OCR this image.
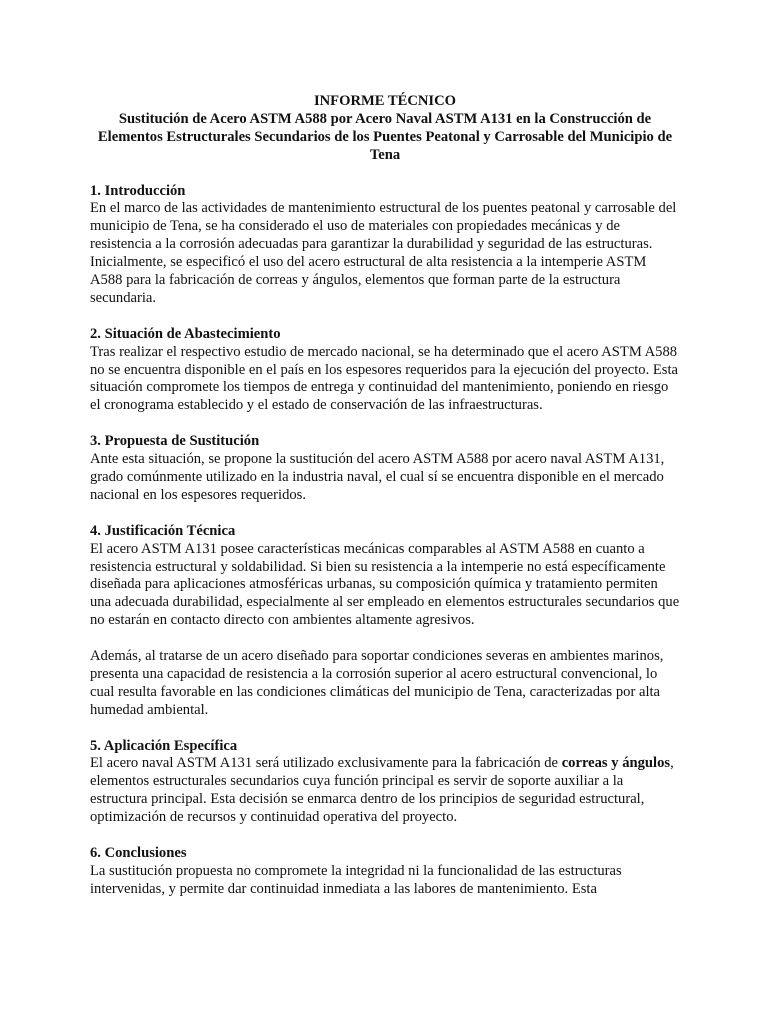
INFORME TÉCNICO
Sustitución de Acero ASTM A588 por Acero Naval ASTM A131 en la Construcción de Elementos Estructurales Secundarios de los Puentes Peatonal y Carrosable del Municipio de Tena
1. Introducción

En el marco de las actividades de mantenimiento estructural de los puentes peatonal y carrosable del municipio de Tena, se ha considerado el uso de materiales con propiedades mecánicas y de resistencia a la corrosión adecuadas para garantizar la durabilidad y seguridad de las estructuras. Inicialmente, se especificó el uso del acero estructural de alta resistencia a la intemperie ASTM A588 para la fabricación de correas y ángulos, elementos que forman parte de la estructura secundaria.

2. Situación de Abastecimiento

Tras realizar el respectivo estudio de mercado nacional, se ha determinado que el acero ASTM A588 no se encuentra disponible en el país en los espesores requeridos para la ejecución del proyecto. Esta situación compromete los tiempos de entrega y continuidad del mantenimiento, poniendo en riesgo el cronograma establecido y el estado de conservación de las infraestructuras.

3. Propuesta de Sustitución

Ante esta situación, se propone la sustitución del acero ASTM A588 por acero naval ASTM A131, grado comúnmente utilizado en la industria naval, el cual sí se encuentra disponible en el mercado nacional en los espesores requeridos.

4. Justificación Técnica

El acero ASTM A131 posee características mecánicas comparables al ASTM A588 en cuanto a resistencia estructural y soldabilidad. Si bien su resistencia a la intemperie no está específicamente diseñada para aplicaciones atmosféricas urbanas, su composición química y tratamiento permiten una adecuada durabilidad, especialmente al ser empleado en elementos estructurales secundarios que no estarán en contacto directo con ambientes altamente agresivos.

Además, al tratarse de un acero diseñado para soportar condiciones severas en ambientes marinos, presenta una capacidad de resistencia a la corrosión superior al acero estructural convencional, lo cual resulta favorable en las condiciones climáticas del municipio de Tena, caracterizadas por alta humedad ambiental.

5. Aplicación Específica

El acero naval ASTM A131 será utilizado exclusivamente para la fabricación de correas y ángulos, elementos estructurales secundarios cuya función principal es servir de soporte auxiliar a la estructura principal. Esta decisión se enmarca dentro de los principios de seguridad estructural, optimización de recursos y continuidad operativa del proyecto.

6. Conclusiones

La sustitución propuesta no compromete la integridad ni la funcionalidad de las estructuras intervenidas, y permite dar continuidad inmediata a las labores de mantenimiento. Esta
